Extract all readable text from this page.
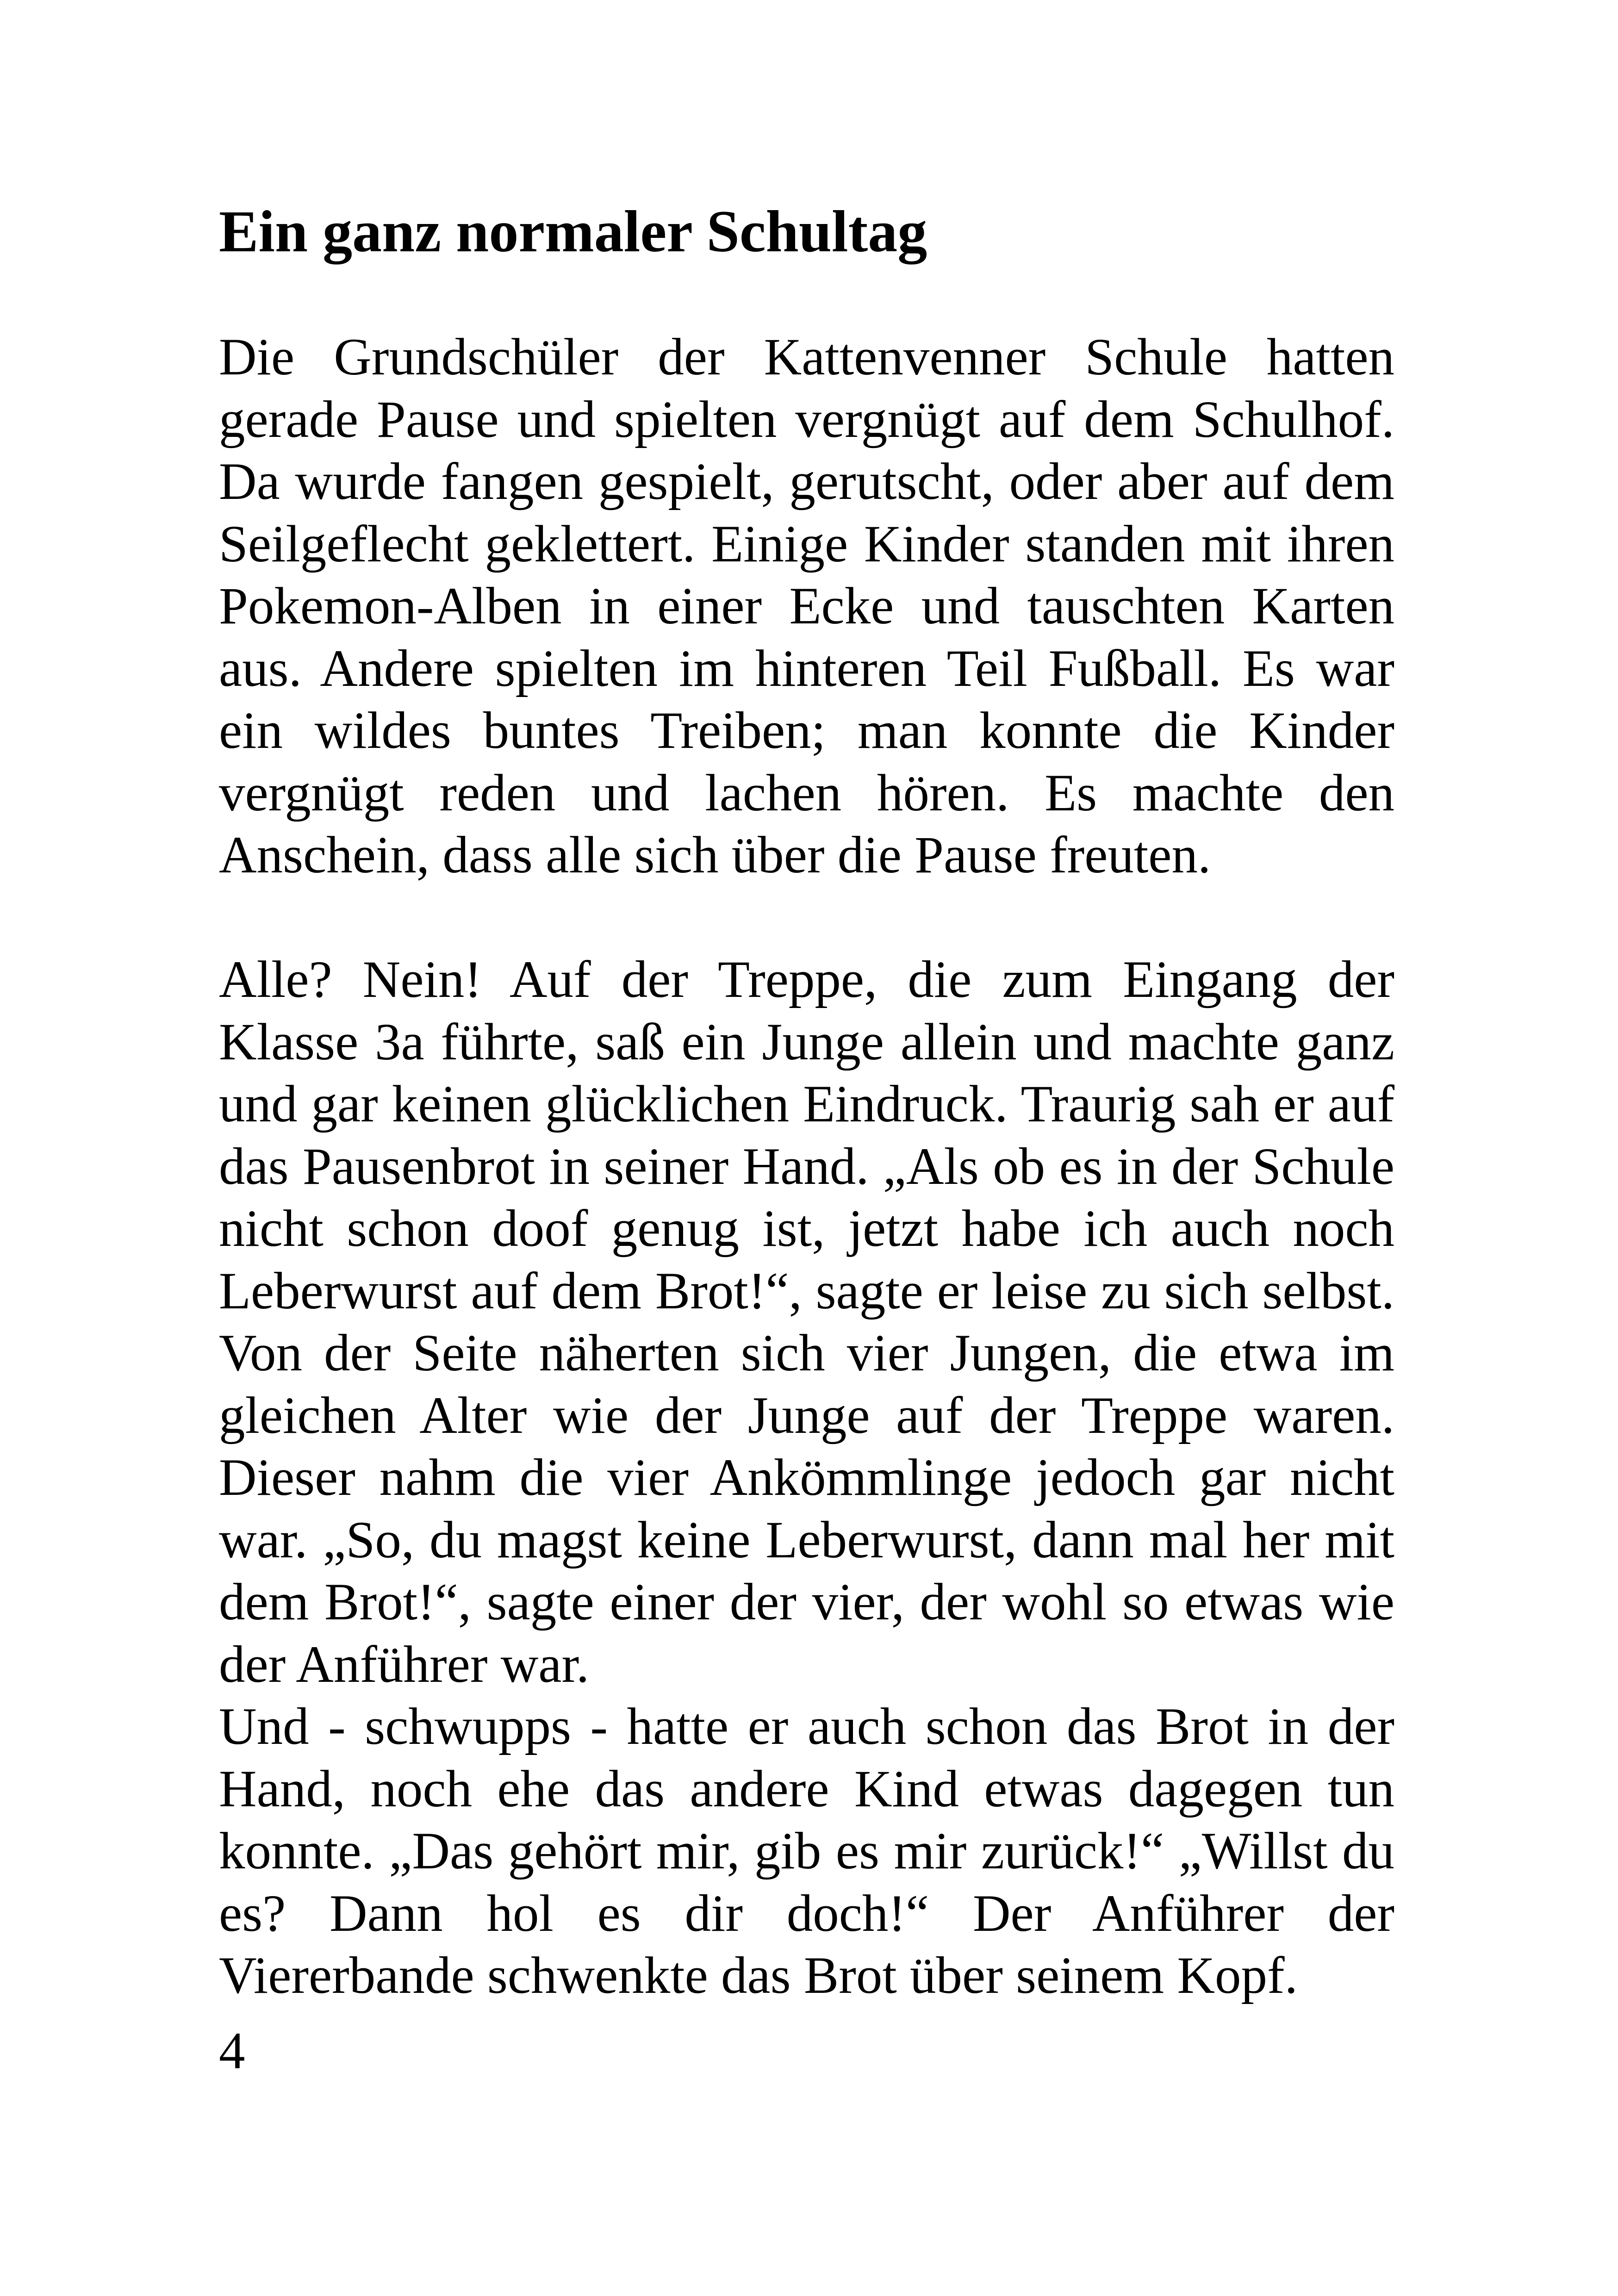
Ein ganz normaler Schultag

Die Grundschüler der Kattenvenner Schule hatten gerade Pause und spielten vergnügt auf dem Schulhof. Da wurde fangen gespielt, gerutscht, oder aber auf dem Seilgeflecht geklettert. Einige Kinder standen mit ihren Pokemon-Alben in einer Ecke und tauschten Karten aus. Andere spielten im hinteren Teil Fußball. Es war ein wildes buntes Treiben; man konnte die Kinder vergnügt reden und lachen hören. Es machte den Anschein, dass alle sich über die Pause freuten.

Alle? Nein! Auf der Treppe, die zum Eingang der Klasse 3a führte, saß ein Junge allein und machte ganz und gar keinen glücklichen Eindruck. Traurig sah er auf das Pausenbrot in seiner Hand. „Als ob es in der Schule nicht schon doof genug ist, jetzt habe ich auch noch Leberwurst auf dem Brot!“, sagte er leise zu sich selbst. Von der Seite näherten sich vier Jungen, die etwa im gleichen Alter wie der Junge auf der Treppe waren. Dieser nahm die vier Ankömmlinge jedoch gar nicht war. „So, du magst keine Leberwurst, dann mal her mit dem Brot!“, sagte einer der vier, der wohl so etwas wie der Anführer war.

Und - schwupps - hatte er auch schon das Brot in der Hand, noch ehe das andere Kind etwas dagegen tun konnte. „Das gehört mir, gib es mir zurück!“ „Willst du es? Dann hol es dir doch!“ Der Anführer der Viererbande schwenkte das Brot über seinem Kopf.

4
